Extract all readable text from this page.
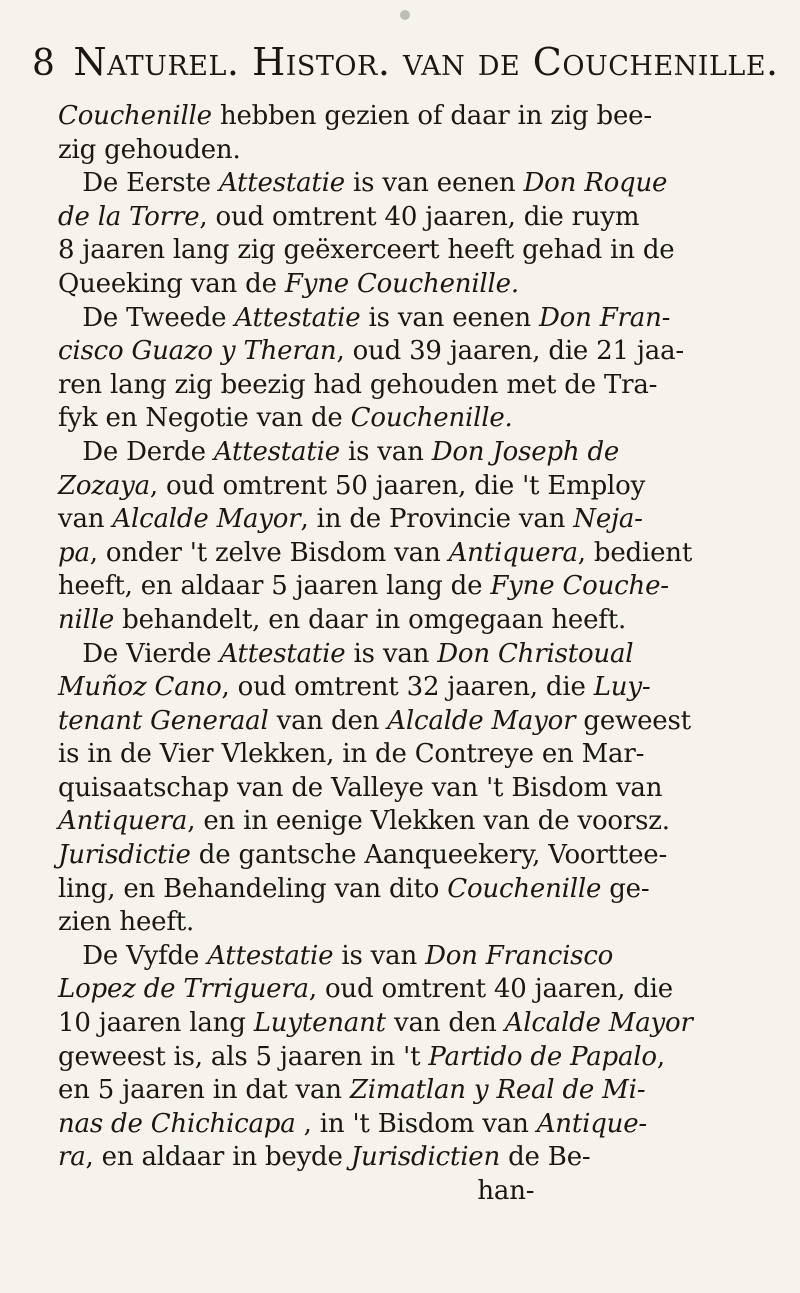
8 Naturel. Histor. van de Couchenille.
Couchenille hebben gezien of daar in zig bee-
zig gehouden.
De Eerste Attestatie is van eenen Don Roque
de la Torre, oud omtrent 40 jaaren, die ruym
8 jaaren lang zig geëxerceert heeft gehad in de
Queeking van de Fyne Couchenille.
De Tweede Attestatie is van eenen Don Fran-
cisco Guazo y Theran, oud 39 jaaren, die 21 jaa-
ren lang zig beezig had gehouden met de Tra-
fyk en Negotie van de Couchenille.
De Derde Attestatie is van Don Joseph de
Zozaya, oud omtrent 50 jaaren, die 't Employ
van Alcalde Mayor, in de Provincie van Neja-
pa, onder 't zelve Bisdom van Antiquera, bedient
heeft, en aldaar 5 jaaren lang de Fyne Couche-
nille behandelt, en daar in omgegaan heeft.
De Vierde Attestatie is van Don Christoual
Muñoz Cano, oud omtrent 32 jaaren, die Luy-
tenant Generaal van den Alcalde Mayor geweest
is in de Vier Vlekken, in de Contreye en Mar-
quisaatschap van de Valleye van 't Bisdom van
Antiquera, en in eenige Vlekken van de voorsz.
Jurisdictie de gantsche Aanqueekery, Voorttee-
ling, en Behandeling van dito Couchenille ge-
zien heeft.
De Vyfde Attestatie is van Don Francisco
Lopez de Trriguera, oud omtrent 40 jaaren, die
10 jaaren lang Luytenant van den Alcalde Mayor
geweest is, als 5 jaaren in 't Partido de Papalo,
en 5 jaaren in dat van Zimatlan y Real de Mi-
nas de Chichicapa , in 't Bisdom van Antique-
ra, en aldaar in beyde Jurisdictien de Be-
han-
